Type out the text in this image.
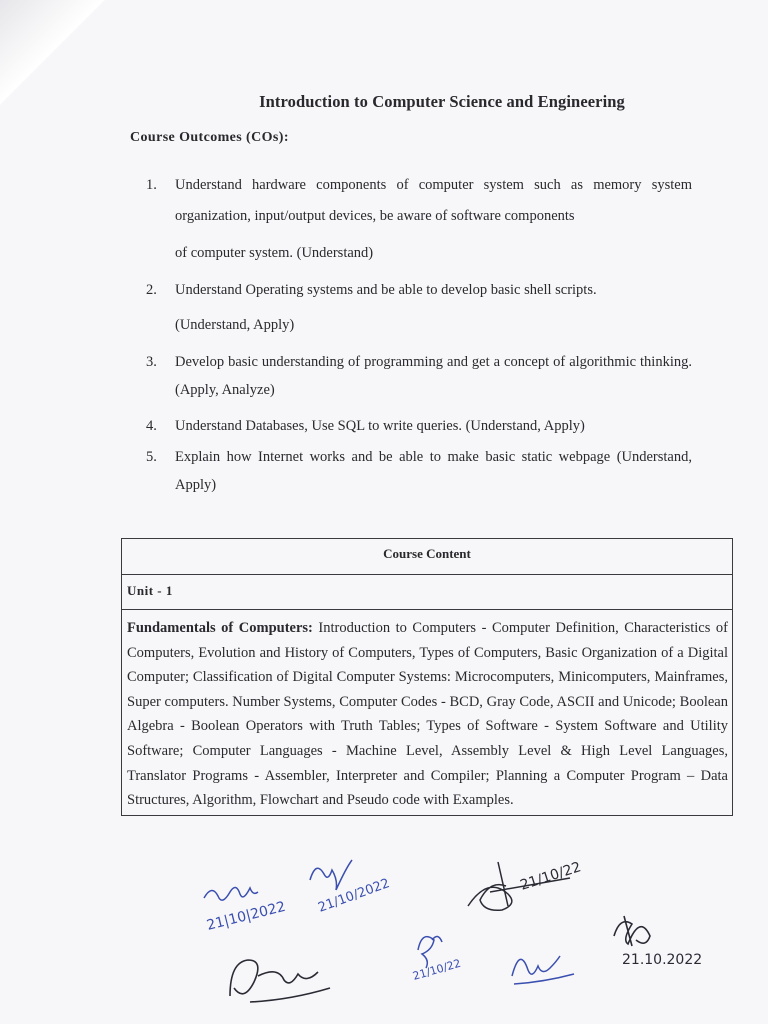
Introduction to Computer Science and Engineering
Course Outcomes (COs):
1. Understand hardware components of computer system such as memory system organization, input/output devices, be aware of software components
of computer system. (Understand)
2. Understand Operating systems and be able to develop basic shell scripts.
(Understand, Apply)
3. Develop basic understanding of programming and get a concept of algorithmic thinking. (Apply, Analyze)
4. Understand Databases, Use SQL to write queries. (Understand, Apply)
5. Explain how Internet works and be able to make basic static webpage (Understand, Apply)
Course Content
Unit - 1
Fundamentals of Computers: Introduction to Computers - Computer Definition, Characteristics of Computers, Evolution and History of Computers, Types of Computers, Basic Organization of a Digital Computer; Classification of Digital Computer Systems: Microcomputers, Minicomputers, Mainframes, Super computers. Number Systems, Computer Codes - BCD, Gray Code, ASCII and Unicode; Boolean Algebra - Boolean Operators with Truth Tables; Types of Software - System Software and Utility Software; Computer Languages - Machine Level, Assembly Level & High Level Languages, Translator Programs - Assembler, Interpreter and Compiler; Planning a Computer Program – Data Structures, Algorithm, Flowchart and Pseudo code with Examples.
21|10|2022
21/10/2022	21/10/22
21/10/22	21.10.2022
